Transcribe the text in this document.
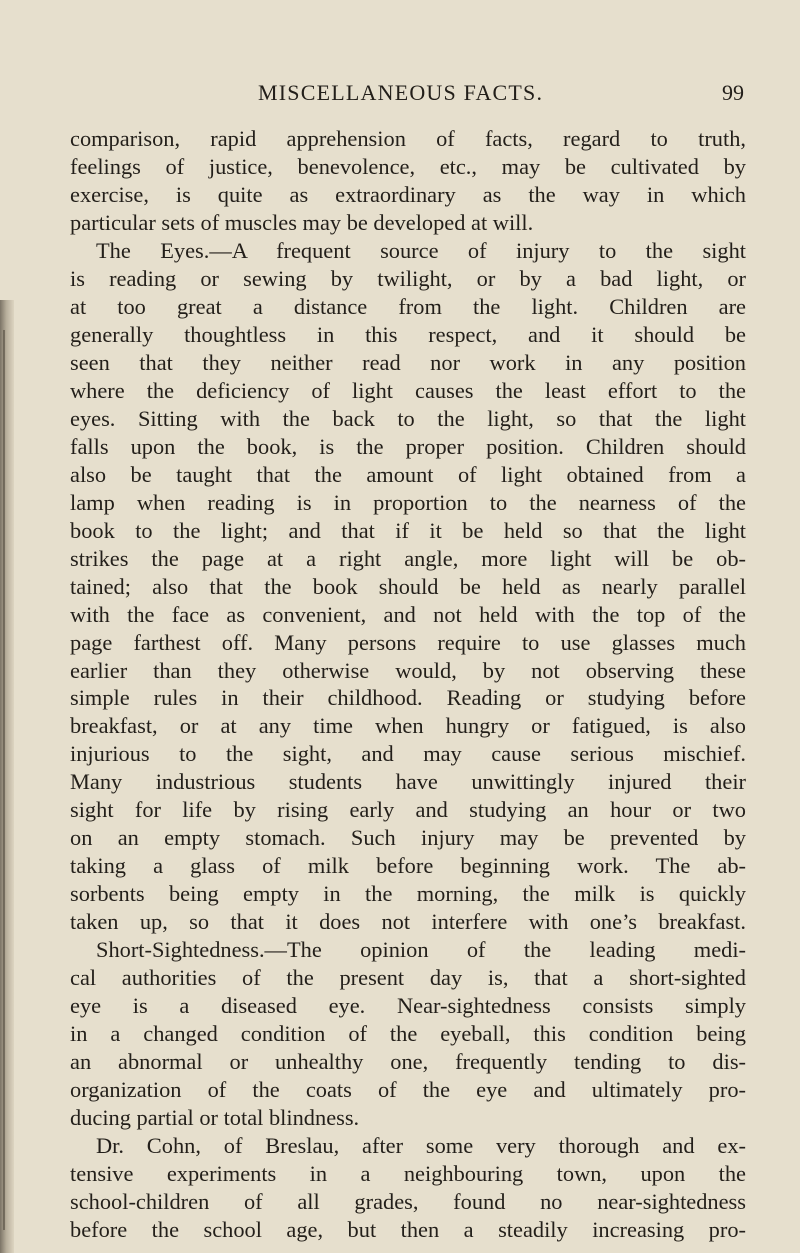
MISCELLANEOUS FACTS.	99
comparison, rapid apprehension of facts, regard to truth,
feelings of justice, benevolence, etc., may be cultivated by
exercise, is quite as extraordinary as the way in which
particular sets of muscles may be developed at will.
The Eyes.—A frequent source of injury to the sight
is reading or sewing by twilight, or by a bad light, or
at too great a distance from the light. Children are
generally thoughtless in this respect, and it should be
seen that they neither read nor work in any position
where the deficiency of light causes the least effort to the
eyes. Sitting with the back to the light, so that the light
falls upon the book, is the proper position. Children should
also be taught that the amount of light obtained from a
lamp when reading is in proportion to the nearness of the
book to the light; and that if it be held so that the light
strikes the page at a right angle, more light will be ob-
tained; also that the book should be held as nearly parallel
with the face as convenient, and not held with the top of the
page farthest off. Many persons require to use glasses much
earlier than they otherwise would, by not observing these
simple rules in their childhood. Reading or studying before
breakfast, or at any time when hungry or fatigued, is also
injurious to the sight, and may cause serious mischief.
Many industrious students have unwittingly injured their
sight for life by rising early and studying an hour or two
on an empty stomach. Such injury may be prevented by
taking a glass of milk before beginning work. The ab-
sorbents being empty in the morning, the milk is quickly
taken up, so that it does not interfere with one’s breakfast.
Short-Sightedness.—The opinion of the leading medi-
cal authorities of the present day is, that a short-sighted
eye is a diseased eye. Near-sightedness consists simply
in a changed condition of the eyeball, this condition being
an abnormal or unhealthy one, frequently tending to dis-
organization of the coats of the eye and ultimately pro-
ducing partial or total blindness.
Dr. Cohn, of Breslau, after some very thorough and ex-
tensive experiments in a neighbouring town, upon the
school-children of all grades, found no near-sightedness
before the school age, but then a steadily increasing pro-
